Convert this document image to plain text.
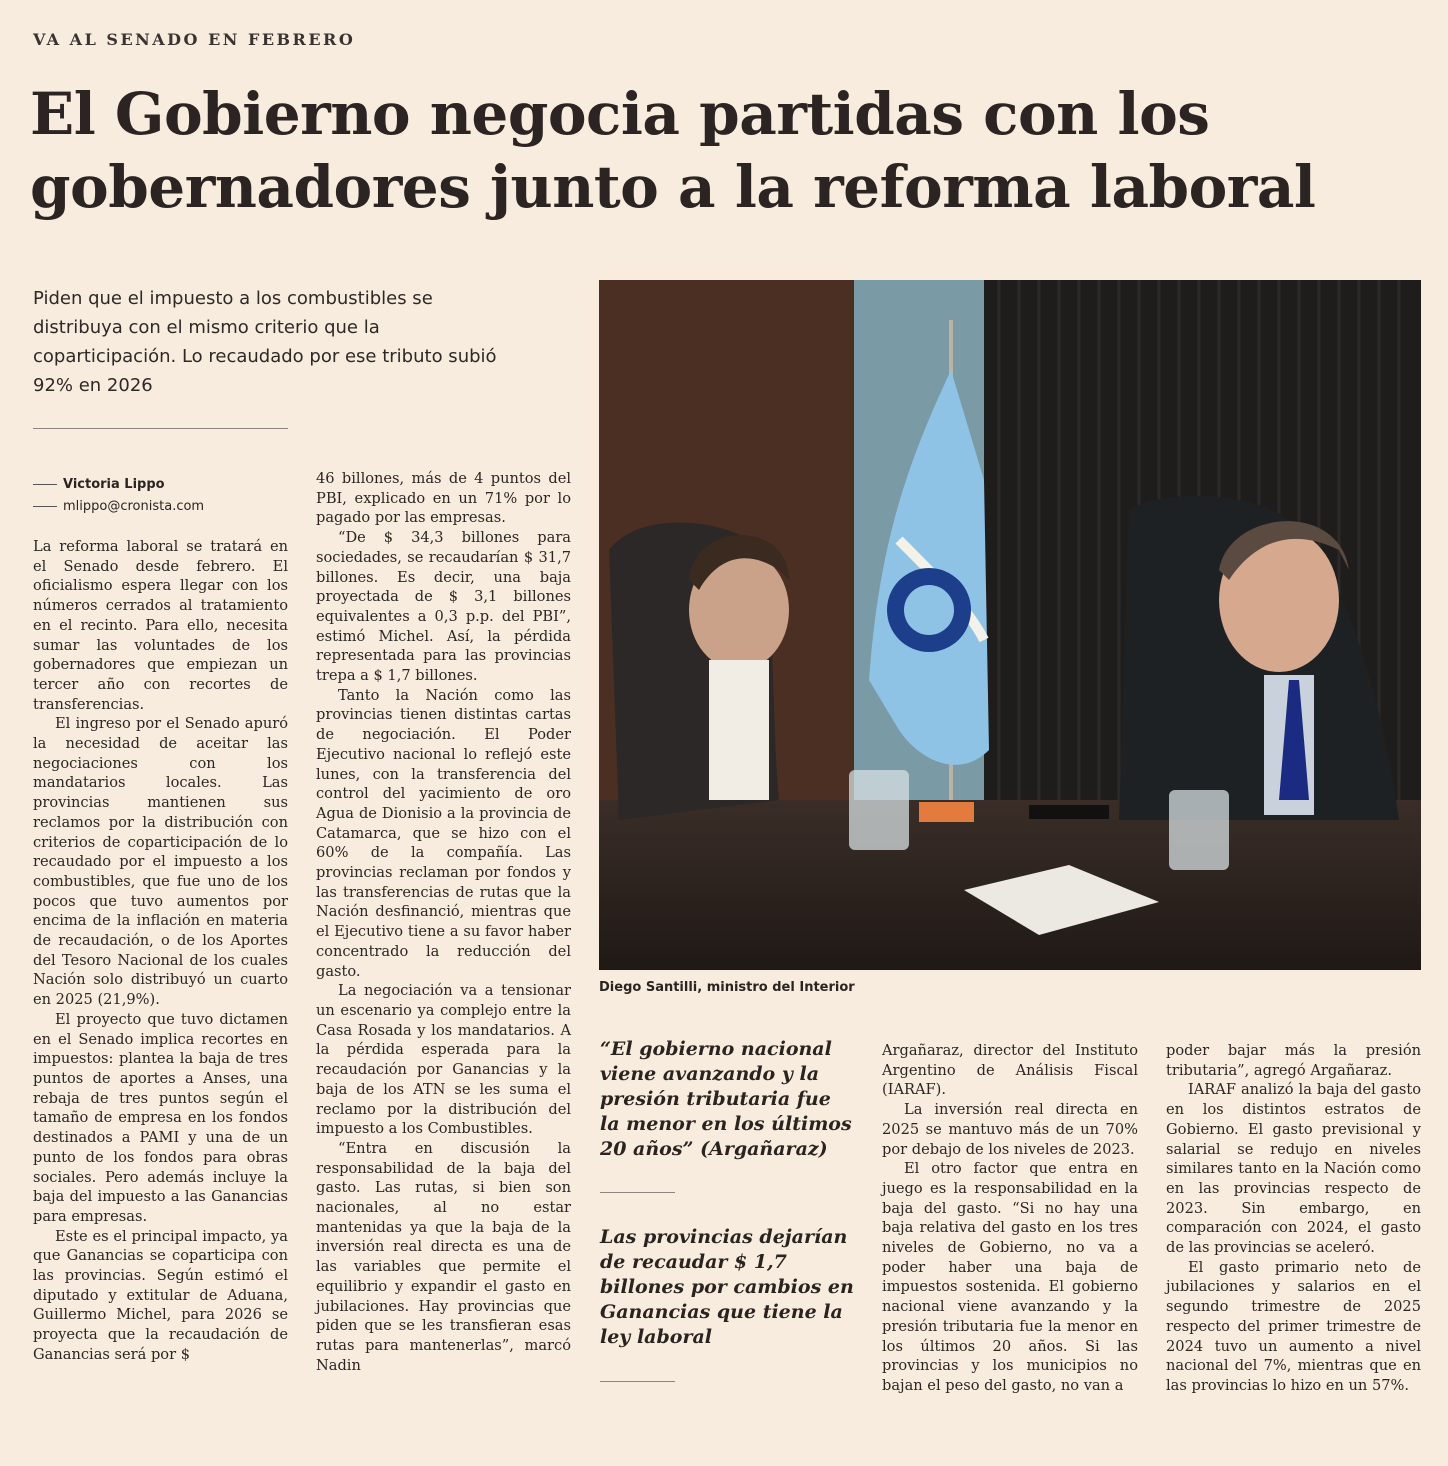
VA AL SENADO EN FEBRERO
El Gobierno negocia partidas con los gobernadores junto a la reforma laboral
Piden que el impuesto a los combustibles se distribuya con el mismo criterio que la coparticipación. Lo recaudado por ese tributo subió 92% en 2026
Victoria Lippo
mlippo@cronista.com

La reforma laboral se tratará en el Senado desde febrero. El oficialismo espera llegar con los números cerrados al tratamiento en el recinto. Para ello, necesita sumar las voluntades de los gobernadores que empiezan un tercer año con recortes de transferencias.

El ingreso por el Senado apuró la necesidad de aceitar las negociaciones con los mandatarios locales. Las provincias mantienen sus reclamos por la distribución con criterios de coparticipación de lo recaudado por el impuesto a los combustibles, que fue uno de los pocos que tuvo aumentos por encima de la inflación en materia de recaudación, o de los Aportes del Tesoro Nacional de los cuales Nación solo distribuyó un cuarto en 2025 (21,9%).

El proyecto que tuvo dictamen en el Senado implica recortes en impuestos: plantea la baja de tres puntos de aportes a Anses, una rebaja de tres puntos según el tamaño de empresa en los fondos destinados a PAMI y una de un punto de los fondos para obras sociales. Pero además incluye la baja del impuesto a las Ganancias para empresas.

Este es el principal impacto, ya que Ganancias se coparticipa con las provincias. Según estimó el diputado y extitular de Aduana, Guillermo Michel, para 2026 se proyecta que la recaudación de Ganancias será por $

46 billones, más de 4 puntos del PBI, explicado en un 71% por lo pagado por las empresas.

“De $ 34,3 billones para sociedades, se recaudarían $ 31,7 billones. Es decir, una baja proyectada de $ 3,1 billones equivalentes a 0,3 p.p. del PBI”, estimó Michel. Así, la pérdida representada para las provincias trepa a $ 1,7 billones.

Tanto la Nación como las provincias tienen distintas cartas de negociación. El Poder Ejecutivo nacional lo reflejó este lunes, con la transferencia del control del yacimiento de oro Agua de Dionisio a la provincia de Catamarca, que se hizo con el 60% de la compañía. Las provincias reclaman por fondos y las transferencias de rutas que la Nación desfinanció, mientras que el Ejecutivo tiene a su favor haber concentrado la reducción del gasto.

La negociación va a tensionar un escenario ya complejo entre la Casa Rosada y los mandatarios. A la pérdida esperada para la recaudación por Ganancias y la baja de los ATN se les suma el reclamo por la distribución del impuesto a los Combustibles.

“Entra en discusión la responsabilidad de la baja del gasto. Las rutas, si bien son nacionales, al no estar mantenidas ya que la baja de la inversión real directa es una de las variables que permite el equilibrio y expandir el gasto en jubilaciones. Hay provincias que piden que se les transfieran esas rutas para mantenerlas”, marcó Nadin

Diego Santilli, ministro del Interior
“El gobierno nacional viene avanzando y la presión tributaria fue la menor en los últimos 20 años” (Argañaraz)
Las provincias dejarían de recaudar $ 1,7 billones por cambios en Ganancias que tiene la ley laboral

Argañaraz, director del Instituto Argentino de Análisis Fiscal (IARAF).

La inversión real directa en 2025 se mantuvo más de un 70% por debajo de los niveles de 2023.

El otro factor que entra en juego es la responsabilidad en la baja del gasto. “Si no hay una baja relativa del gasto en los tres niveles de Gobierno, no va a poder haber una baja de impuestos sostenida. El gobierno nacional viene avanzando y la presión tributaria fue la menor en los últimos 20 años. Si las provincias y los municipios no bajan el peso del gasto, no van a

poder bajar más la presión tributaria”, agregó Argañaraz.

IARAF analizó la baja del gasto en los distintos estratos de Gobierno. El gasto previsional y salarial se redujo en niveles similares tanto en la Nación como en las provincias respecto de 2023. Sin embargo, en comparación con 2024, el gasto de las provincias se aceleró.

El gasto primario neto de jubilaciones y salarios en el segundo trimestre de 2025 respecto del primer trimestre de 2024 tuvo un aumento a nivel nacional del 7%, mientras que en las provincias lo hizo en un 57%.
